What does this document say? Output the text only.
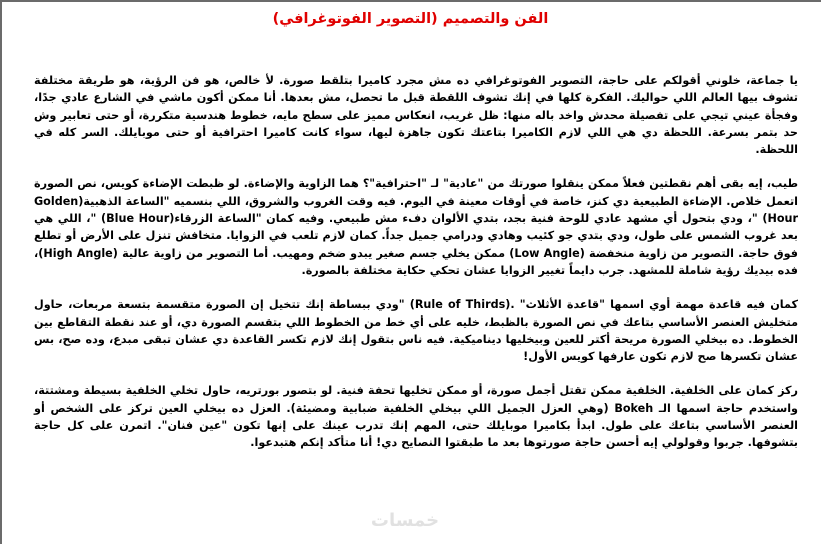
الفن والتصميم (التصوير الفوتوغرافي)

يا جماعة، خلوني أقولكم على حاجة، التصوير الفوتوغرافي ده مش مجرد كاميرا بتلقط صورة. لأ خالص، هو فن الرؤية، هو طريقة مختلفة تشوف بيها العالم اللي حواليك. الفكرة كلها في إنك تشوف اللقطة قبل ما تحصل، مش بعدها. أنا ممكن أكون ماشي في الشارع عادي جدًا، وفجأة عيني تيجي على تفصيلة محدش واخد باله منها: ظل غريب، انعكاس مميز على سطح مايه، خطوط هندسية متكررة، أو حتى تعابير وش حد بتمر بسرعة. اللحظة دي هي اللي لازم الكاميرا بتاعتك تكون جاهزة ليها، سواء كانت كاميرا احترافية أو حتى موبايلك. السر كله في اللحظة.

طيب، إيه بقى أهم نقطتين فعلاً ممكن ينقلوا صورتك من "عادية" لـ "احترافية"؟ هما الزاوية والإضاءة. لو ظبطت الإضاءة كويس، نص الصورة اتعمل خلاص. الإضاءة الطبيعية دي كنز، خاصة في أوقات معينة في اليوم. فيه وقت الغروب والشروق، اللي بنسميه "الساعة الذهبية(Golden Hour) "، ودي بتحول أي مشهد عادي للوحة فنية بجد، بتدي الألوان دفء مش طبيعي. وفيه كمان "الساعة الزرقاء(Blue Hour) "، اللي هي بعد غروب الشمس على طول، ودي بتدي جو كئيب وهادي ودرامي جميل جداً. كمان لازم تلعب في الزوايا. متخافش تنزل على الأرض أو تطلع فوق حاجة. التصوير من زاوية منخفضة (Low Angle) ممكن يخلي جسم صغير يبدو ضخم ومهيب. أما التصوير من زاوية عالية (High Angle)، فده بيديك رؤية شاملة للمشهد. جرب دايماً تغيير الزوايا عشان تحكي حكاية مختلفة بالصورة.

كمان فيه قاعدة مهمة أوي اسمها "قاعدة الأثلاث" .(Rule of Thirds) "ودي ببساطة إنك تتخيل إن الصورة متقسمة بتسعة مربعات، حاول متخليش العنصر الأساسي بتاعك في نص الصورة بالظبط، خليه على أي خط من الخطوط اللي بتقسم الصورة دي، أو عند نقطة التقاطع بين الخطوط. ده بيخلي الصورة مريحة أكتر للعين وبيخليها ديناميكية. فيه ناس بتقول إنك لازم تكسر القاعدة دي عشان تبقى مبدع، وده صح، بس عشان تكسرها صح لازم تكون عارفها كويس الأول!

ركز كمان على الخلفية. الخلفية ممكن تقتل أجمل صورة، أو ممكن تخليها تحفة فنية. لو بتصور بورتريه، حاول تخلي الخلفية بسيطة ومشتتة، واستخدم حاجة اسمها الـ Bokeh (وهي العزل الجميل اللي بيخلي الخلفية ضبابية ومضيئة). العزل ده بيخلي العين تركز على الشخص أو العنصر الأساسي بتاعك على طول. ابدأ بكاميرا موبايلك حتى، المهم إنك تدرب عينك على إنها تكون "عين فنان". اتمرن على كل حاجة بتشوفها. جربوا وقولولي إيه أحسن حاجة صورتوها بعد ما طبقتوا النصايح دي! أنا متأكد إنكم هتبدعوا.

خمسات
